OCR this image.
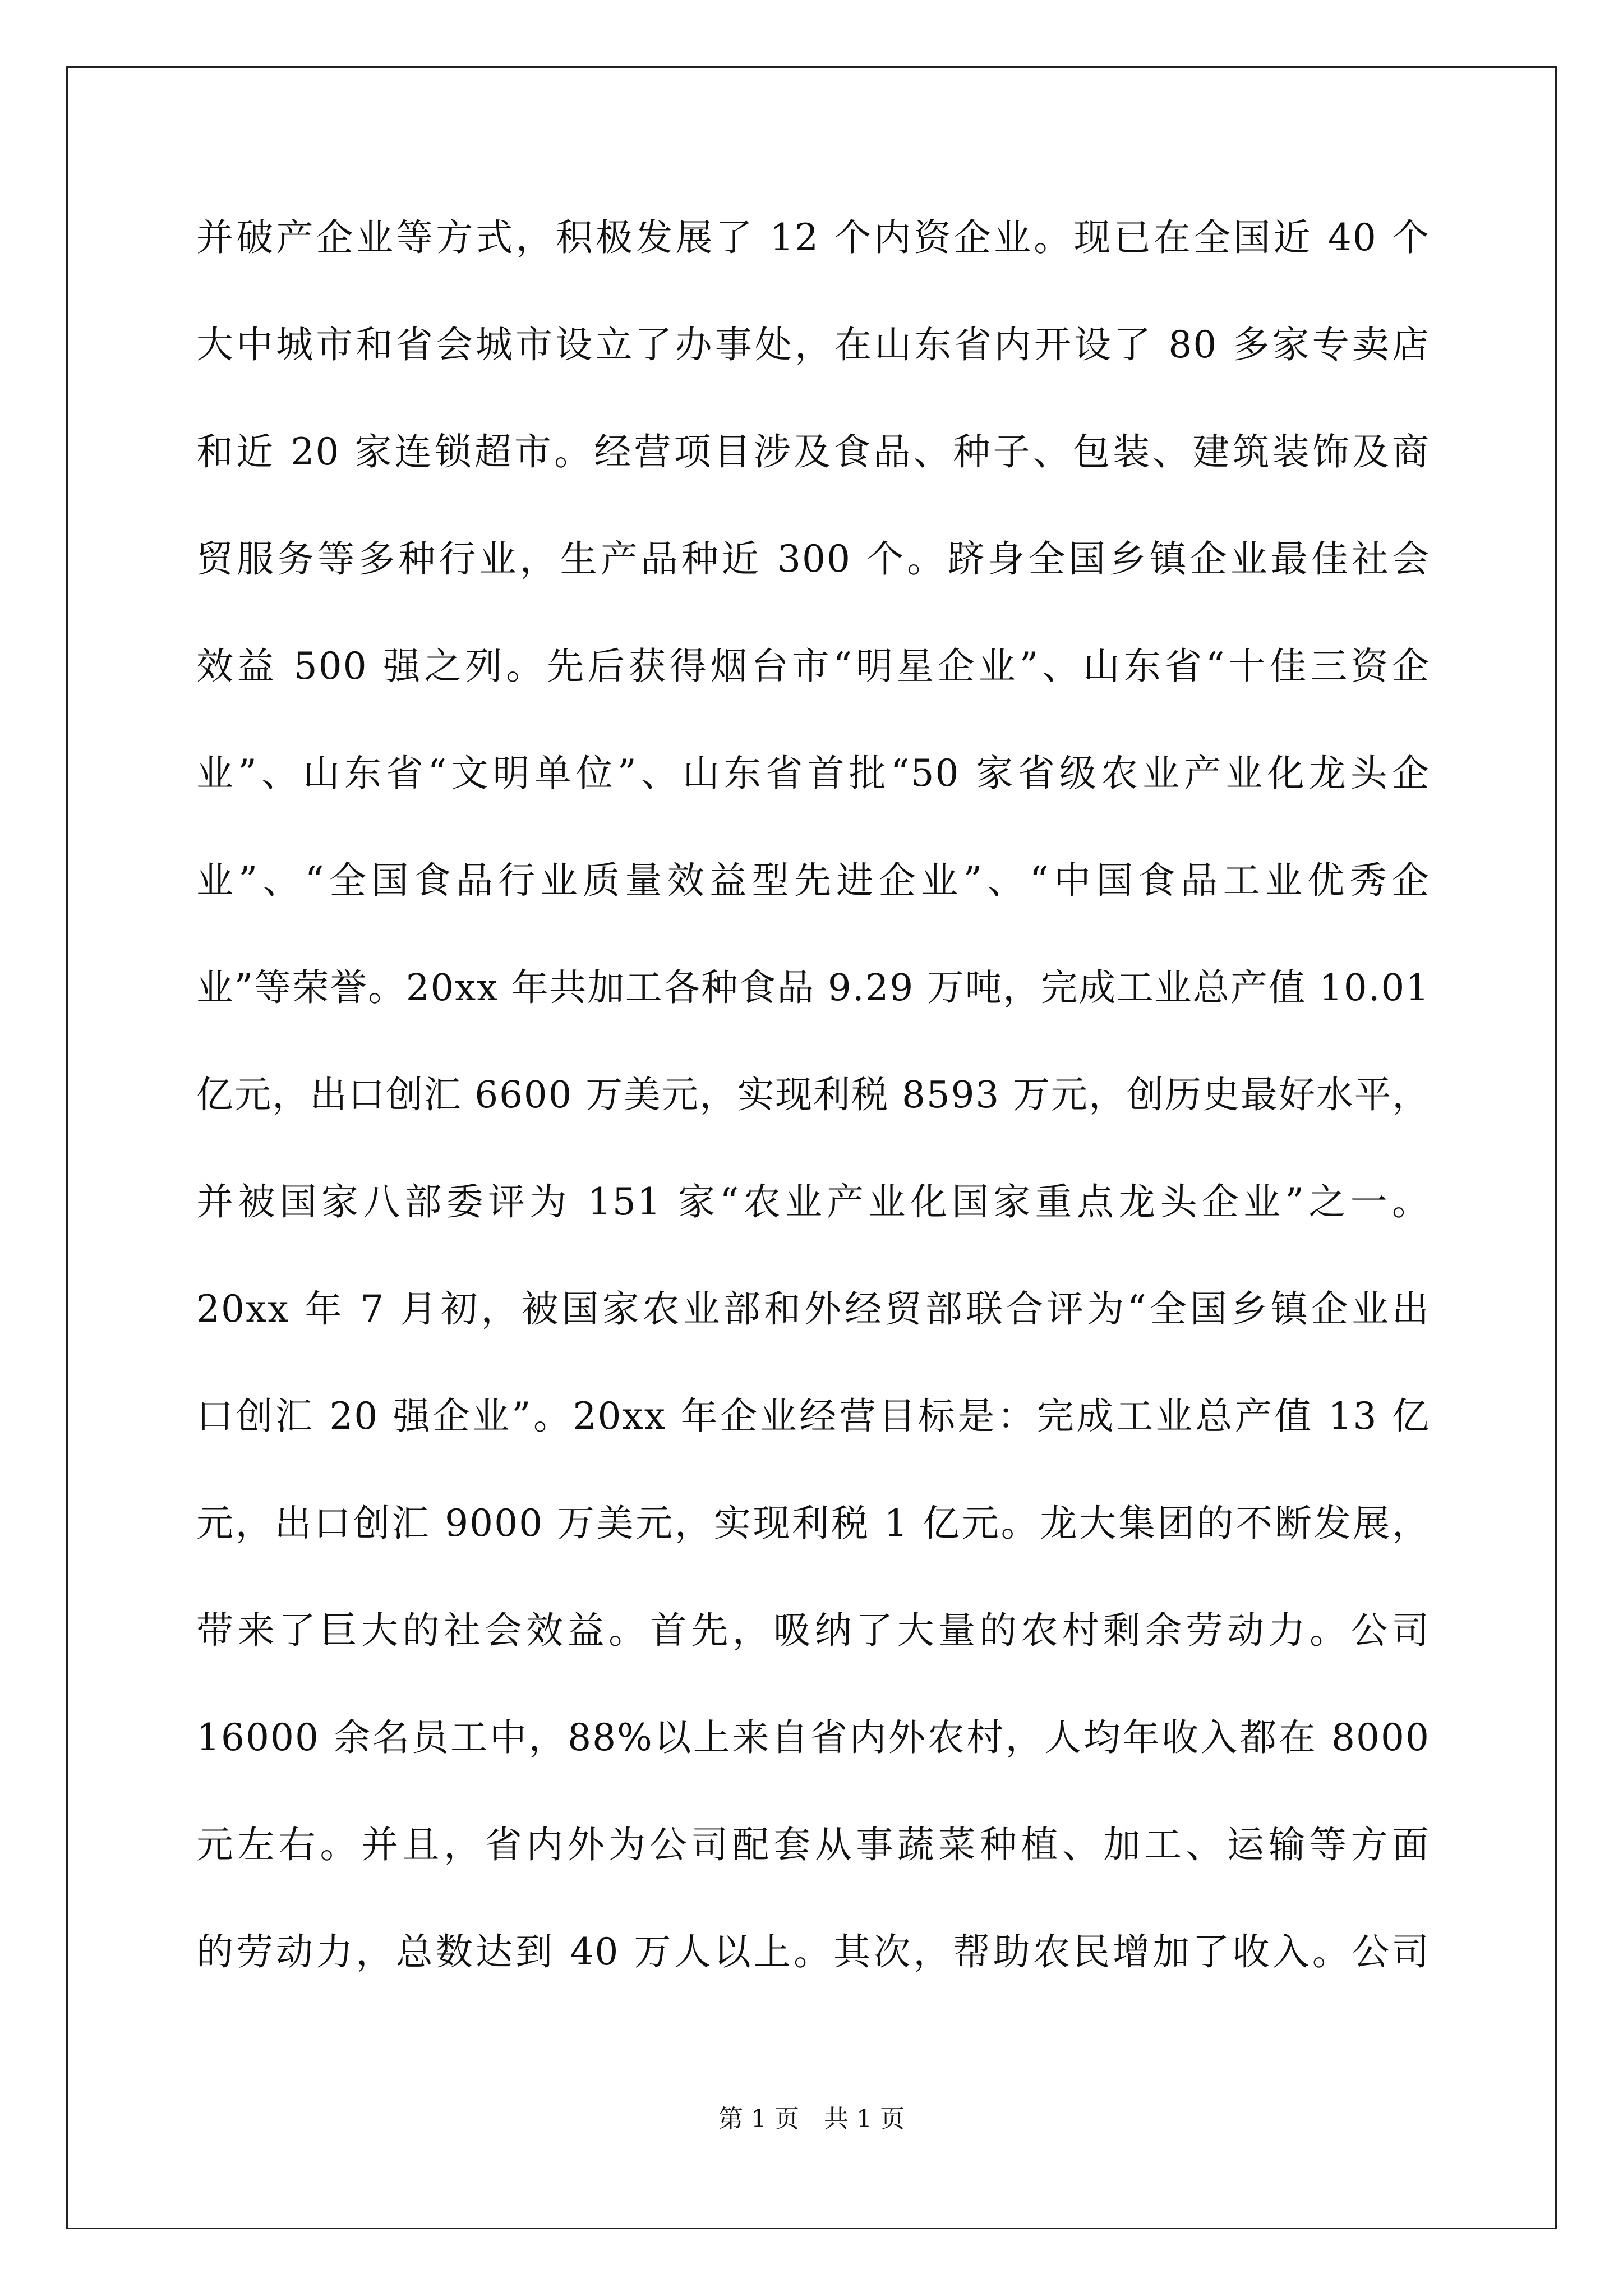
并破产企业等方式，积极发展了 12 个内资企业。现已在全国近 40 个
大中城市和省会城市设立了办事处，在山东省内开设了 80 多家专卖店
和近 20 家连锁超市。经营项目涉及食品、种子、包装、建筑装饰及商
贸服务等多种行业，生产品种近 300 个。跻身全国乡镇企业最佳社会
效益 500 强之列。先后获得烟台市“明星企业”、山东省“十佳三资企
业”、山东省“文明单位”、山东省首批“50 家省级农业产业化龙头企
业”、“全国食品行业质量效益型先进企业”、“中国食品工业优秀企
业”等荣誉。20xx 年共加工各种食品 9.29 万吨，完成工业总产值 10.01
亿元，出口创汇 6600 万美元，实现利税 8593 万元，创历史最好水平，
并被国家八部委评为 151 家“农业产业化国家重点龙头企业”之一。
20xx 年 7 月初，被国家农业部和外经贸部联合评为“全国乡镇企业出
口创汇 20 强企业”。20xx 年企业经营目标是：完成工业总产值 13 亿
元，出口创汇 9000 万美元，实现利税 1 亿元。龙大集团的不断发展，
带来了巨大的社会效益。首先，吸纳了大量的农村剩余劳动力。公司
16000 余名员工中，88%以上来自省内外农村，人均年收入都在 8000
元左右。并且，省内外为公司配套从事蔬菜种植、加工、运输等方面
的劳动力，总数达到 40 万人以上。其次，帮助农民增加了收入。公司
第 1 页　共 1 页
